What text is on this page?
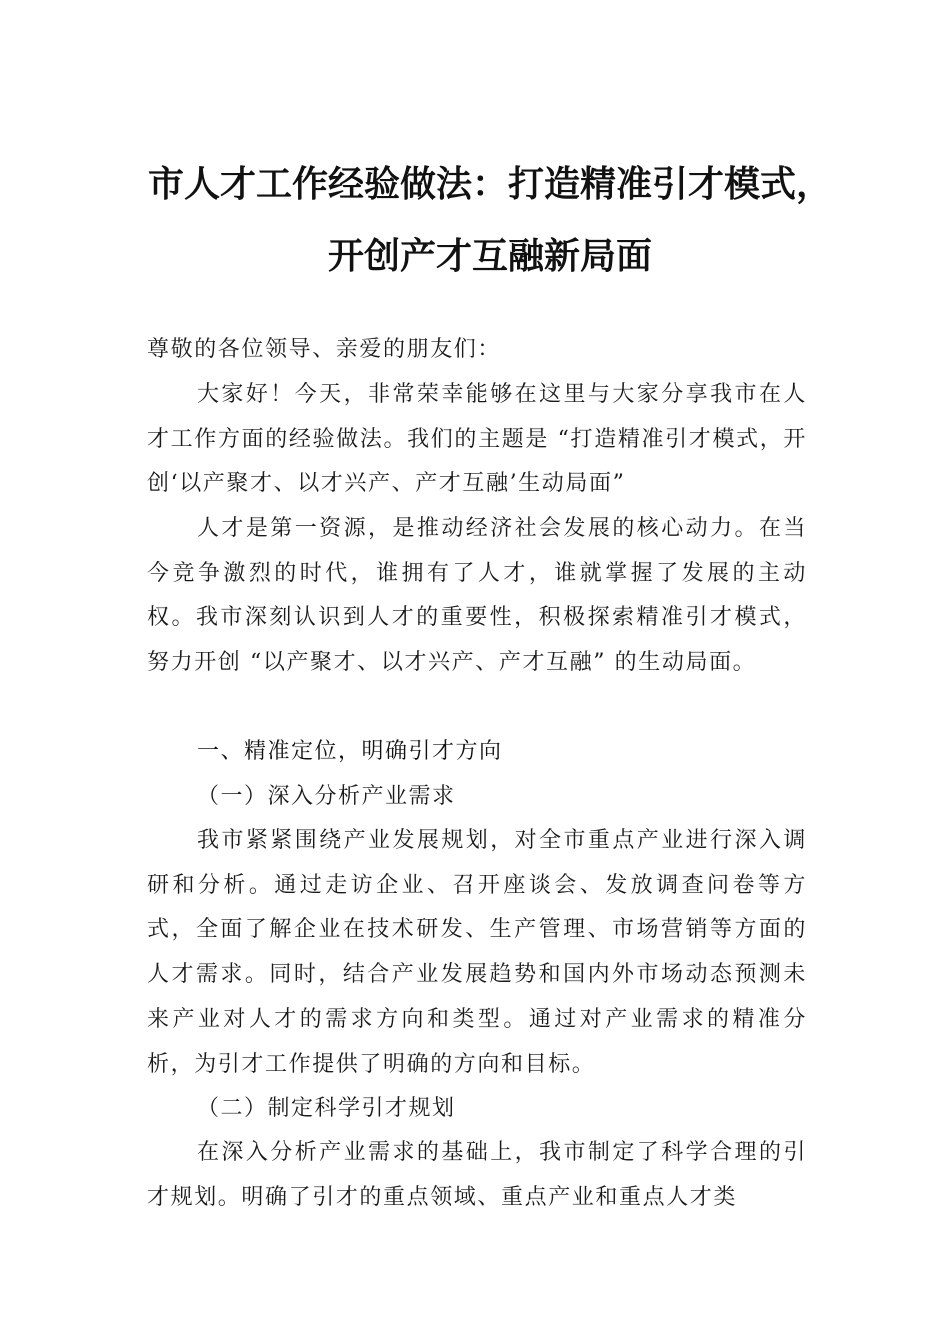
市人才工作经验做法：打造精准引才模式，
开创产才互融新局面
尊敬的各位领导、亲爱的朋友们：
大家好！今天，非常荣幸能够在这里与大家分享我市在人才工作方面的经验做法。我们的主题是 “打造精准引才模式，开创‘以产聚才、以才兴产、产才互融’生动局面”
人才是第一资源，是推动经济社会发展的核心动力。在当今竞争激烈的时代，谁拥有了人才，谁就掌握了发展的主动权。我市深刻认识到人才的重要性，积极探索精准引才模式，努力开创 “以产聚才、以才兴产、产才互融” 的生动局面。
一、精准定位，明确引才方向
（一）深入分析产业需求
我市紧紧围绕产业发展规划，对全市重点产业进行深入调研和分析。通过走访企业、召开座谈会、发放调查问卷等方式，全面了解企业在技术研发、生产管理、市场营销等方面的人才需求。同时，结合产业发展趋势和国内外市场动态预测未来产业对人才的需求方向和类型。通过对产业需求的精准分析，为引才工作提供了明确的方向和目标。
（二）制定科学引才规划
在深入分析产业需求的基础上，我市制定了科学合理的引才规划。明确了引才的重点领域、重点产业和重点人才类
